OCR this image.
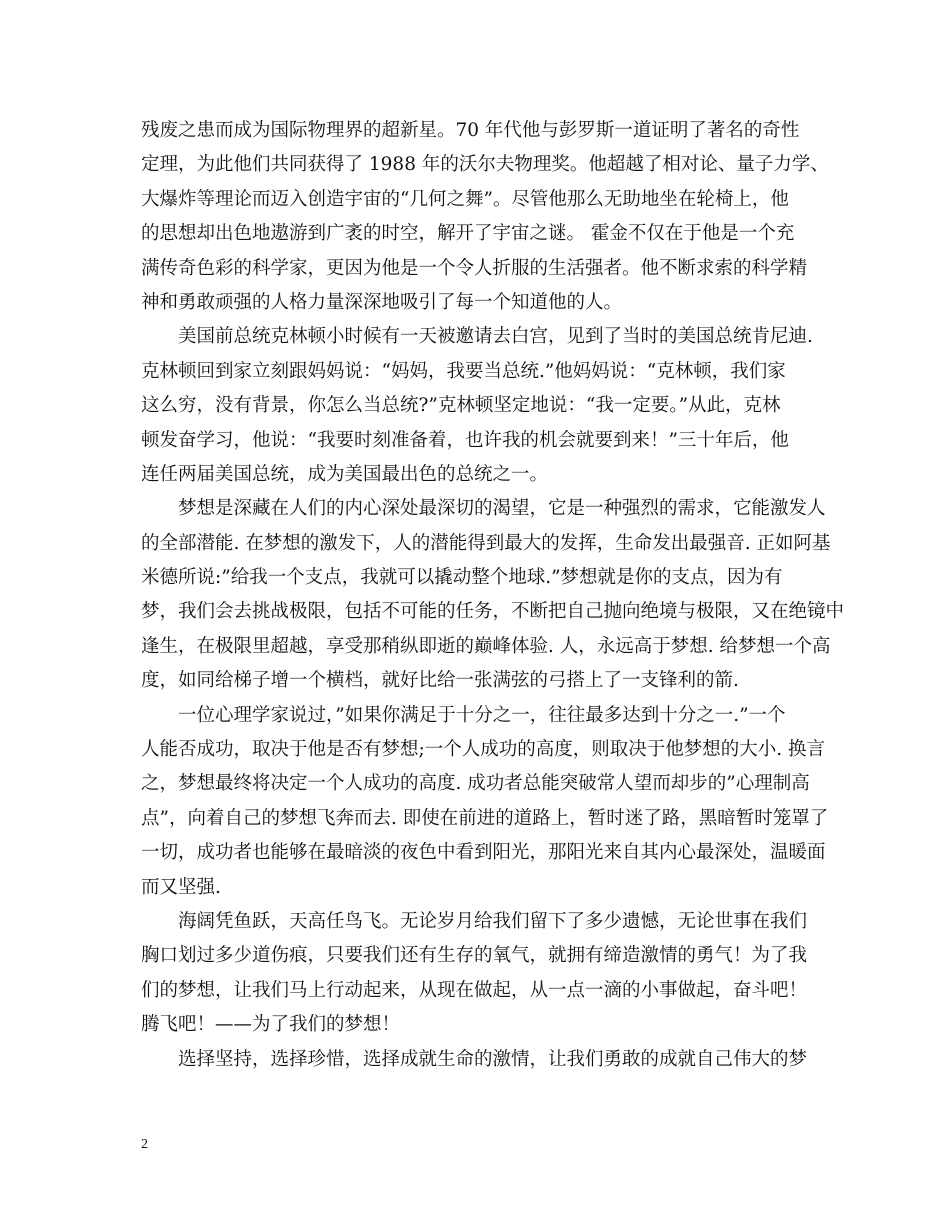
残废之患而成为国际物理界的超新星。70 年代他与彭罗斯一道证明了著名的奇性
定理，为此他们共同获得了 1988 年的沃尔夫物理奖。他超越了相对论、量子力学、
大爆炸等理论而迈入创造宇宙的“几何之舞”。尽管他那么无助地坐在轮椅上，他
的思想却出色地遨游到广袤的时空，解开了宇宙之谜。 霍金不仅在于他是一个充
满传奇色彩的科学家，更因为他是一个令人折服的生活强者。他不断求索的科学精
神和勇敢顽强的人格力量深深地吸引了每一个知道他的人。
美国前总统克林顿小时候有一天被邀请去白宫，见到了当时的美国总统肯尼迪.
克林顿回到家立刻跟妈妈说：“妈妈，我要当总统.”他妈妈说：“克林顿，我们家
这么穷，没有背景，你怎么当总统?”克林顿坚定地说：“我一定要。”从此，克林
顿发奋学习，他说：“我要时刻准备着，也许我的机会就要到来！”三十年后，他
连任两届美国总统，成为美国最出色的总统之一。
梦想是深藏在人们的内心深处最深切的渴望，它是一种强烈的需求，它能激发人
的全部潜能. 在梦想的激发下，人的潜能得到最大的发挥，生命发出最强音. 正如阿基
米德所说:”给我一个支点，我就可以撬动整个地球.”梦想就是你的支点，因为有
梦，我们会去挑战极限，包括不可能的任务，不断把自己抛向绝境与极限，又在绝镜中
逢生，在极限里超越，享受那稍纵即逝的巅峰体验. 人，永远高于梦想. 给梦想一个高
度，如同给梯子增一个横档，就好比给一张满弦的弓搭上了一支锋利的箭.
一位心理学家说过，”如果你满足于十分之一，往往最多达到十分之一.”一个
人能否成功，取决于他是否有梦想;一个人成功的高度，则取决于他梦想的大小. 换言
之，梦想最终将决定一个人成功的高度. 成功者总能突破常人望而却步的”心理制高
点”，向着自己的梦想飞奔而去. 即使在前进的道路上，暂时迷了路，黑暗暂时笼罩了
一切，成功者也能够在最暗淡的夜色中看到阳光，那阳光来自其内心最深处，温暖面
而又坚强.
海阔凭鱼跃，天高任鸟飞。无论岁月给我们留下了多少遗憾，无论世事在我们
胸口划过多少道伤痕，只要我们还有生存的氧气，就拥有缔造激情的勇气！为了我
们的梦想，让我们马上行动起来，从现在做起，从一点一滴的小事做起，奋斗吧！
腾飞吧！——为了我们的梦想！
选择坚持，选择珍惜，选择成就生命的激情，让我们勇敢的成就自己伟大的梦
2
